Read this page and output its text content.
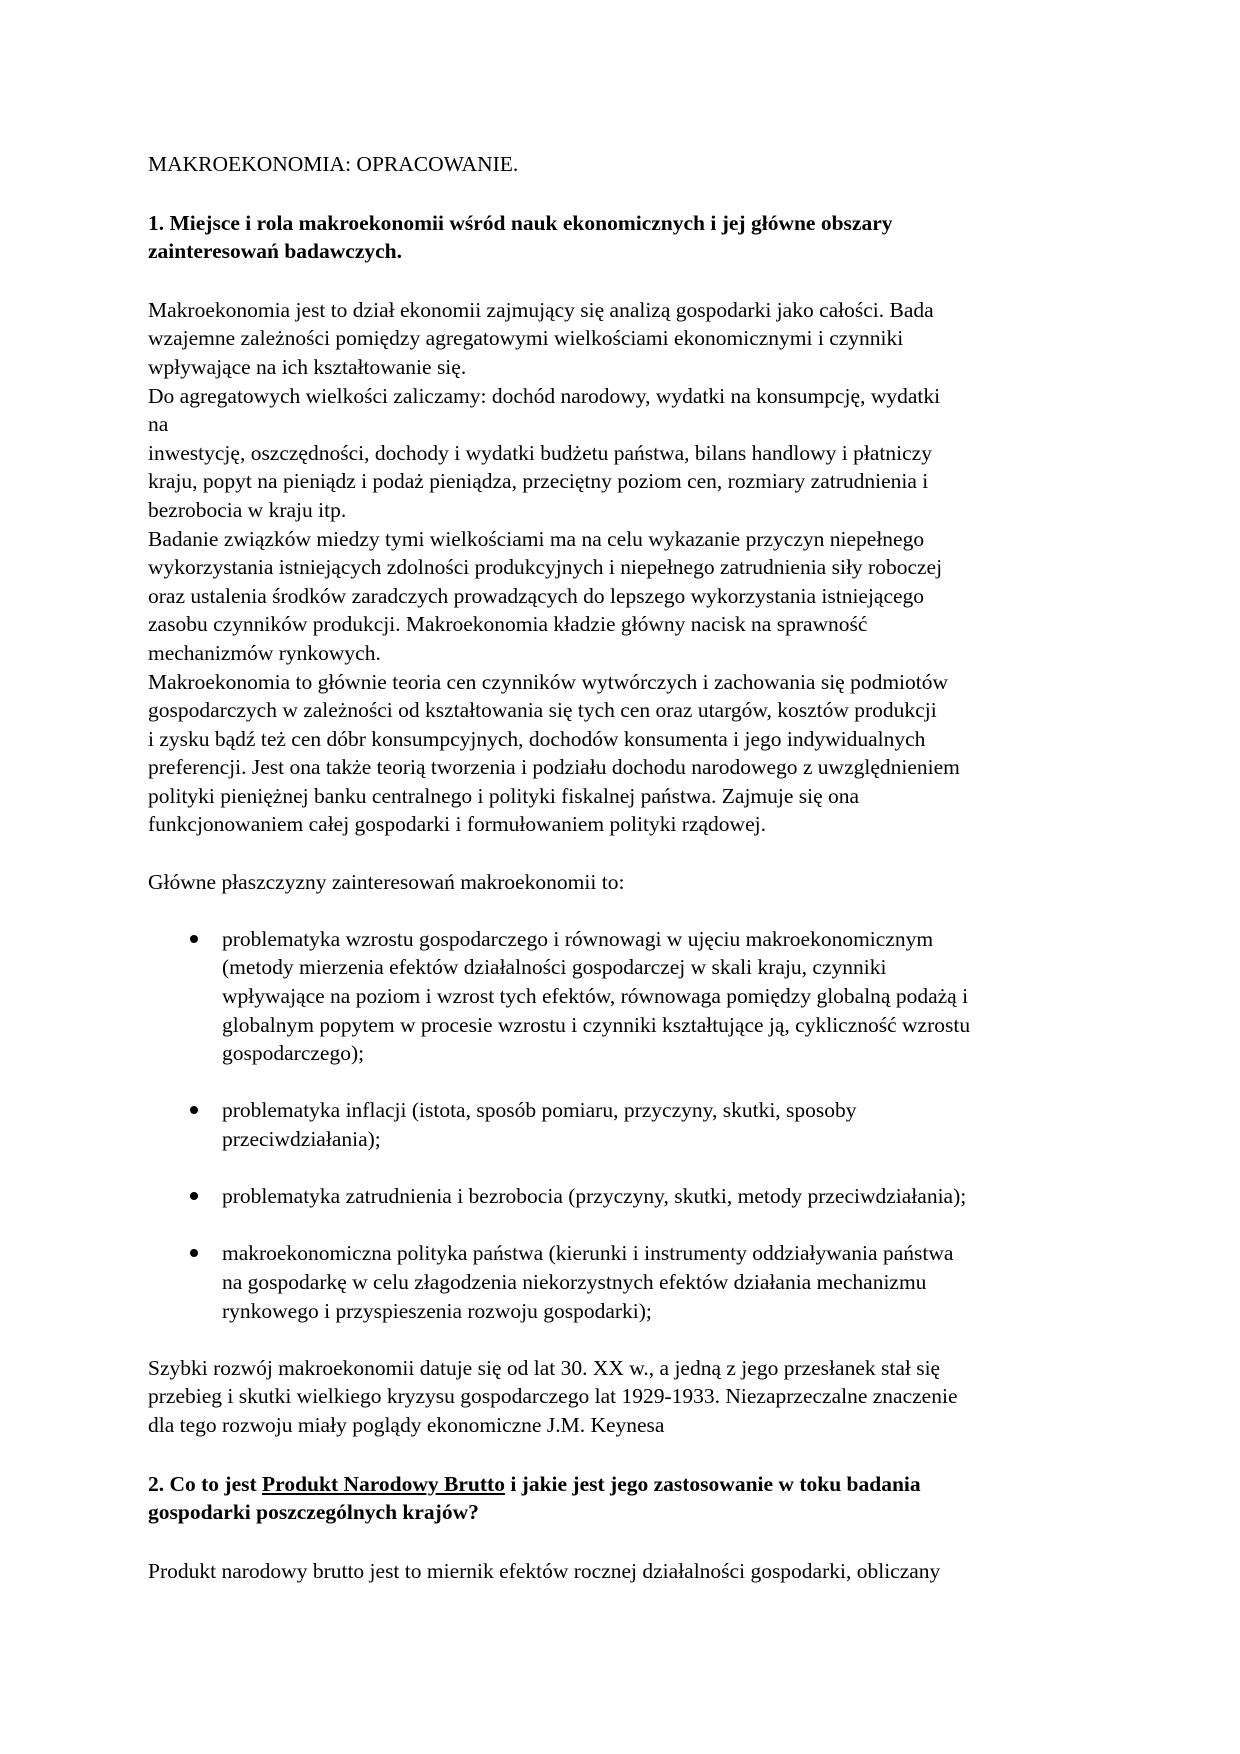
MAKROEKONOMIA: OPRACOWANIE.
1. Miejsce i rola makroekonomii wśród nauk ekonomicznych i jej główne obszary
zainteresowań badawczych.
Makroekonomia jest to dział ekonomii zajmujący się analizą gospodarki jako całości. Bada
wzajemne zależności pomiędzy agregatowymi wielkościami ekonomicznymi i czynniki
wpływające na ich kształtowanie się.
Do agregatowych wielkości zaliczamy: dochód narodowy, wydatki na konsumpcję, wydatki
na
inwestycję, oszczędności, dochody i wydatki budżetu państwa, bilans handlowy i płatniczy
kraju, popyt na pieniądz i podaż pieniądza, przeciętny poziom cen, rozmiary zatrudnienia i
bezrobocia w kraju itp.
Badanie związków miedzy tymi wielkościami ma na celu wykazanie przyczyn niepełnego
wykorzystania istniejących zdolności produkcyjnych i niepełnego zatrudnienia siły roboczej
oraz ustalenia środków zaradczych prowadzących do lepszego wykorzystania istniejącego
zasobu czynników produkcji. Makroekonomia kładzie główny nacisk na sprawność
mechanizmów rynkowych.
Makroekonomia to głównie teoria cen czynników wytwórczych i zachowania się podmiotów
gospodarczych w zależności od kształtowania się tych cen oraz utargów, kosztów produkcji
i zysku bądź też cen dóbr konsumpcyjnych, dochodów konsumenta i jego indywidualnych
preferencji. Jest ona także teorią tworzenia i podziału dochodu narodowego z uwzględnieniem
polityki pieniężnej banku centralnego i polityki fiskalnej państwa. Zajmuje się ona
funkcjonowaniem całej gospodarki i formułowaniem polityki rządowej.
Główne płaszczyzny zainteresowań makroekonomii to:
problematyka wzrostu gospodarczego i równowagi w ujęciu makroekonomicznym
(metody mierzenia efektów działalności gospodarczej w skali kraju, czynniki
wpływające na poziom i wzrost tych efektów, równowaga pomiędzy globalną podażą i
globalnym popytem w procesie wzrostu i czynniki kształtujące ją, cykliczność wzrostu
gospodarczego);
problematyka inflacji (istota, sposób pomiaru, przyczyny, skutki, sposoby
przeciwdziałania);
problematyka zatrudnienia i bezrobocia (przyczyny, skutki, metody przeciwdziałania);
makroekonomiczna polityka państwa (kierunki i instrumenty oddziaływania państwa
na gospodarkę w celu złagodzenia niekorzystnych efektów działania mechanizmu
rynkowego i przyspieszenia rozwoju gospodarki);
Szybki rozwój makroekonomii datuje się od lat 30. XX w., a jedną z jego przesłanek stał się
przebieg i skutki wielkiego kryzysu gospodarczego lat 1929-1933. Niezaprzeczalne znaczenie
dla tego rozwoju miały poglądy ekonomiczne J.M. Keynesa
2. Co to jest Produkt Narodowy Brutto i jakie jest jego zastosowanie w toku badania
gospodarki poszczególnych krajów?
Produkt narodowy brutto jest to miernik efektów rocznej działalności gospodarki, obliczany
